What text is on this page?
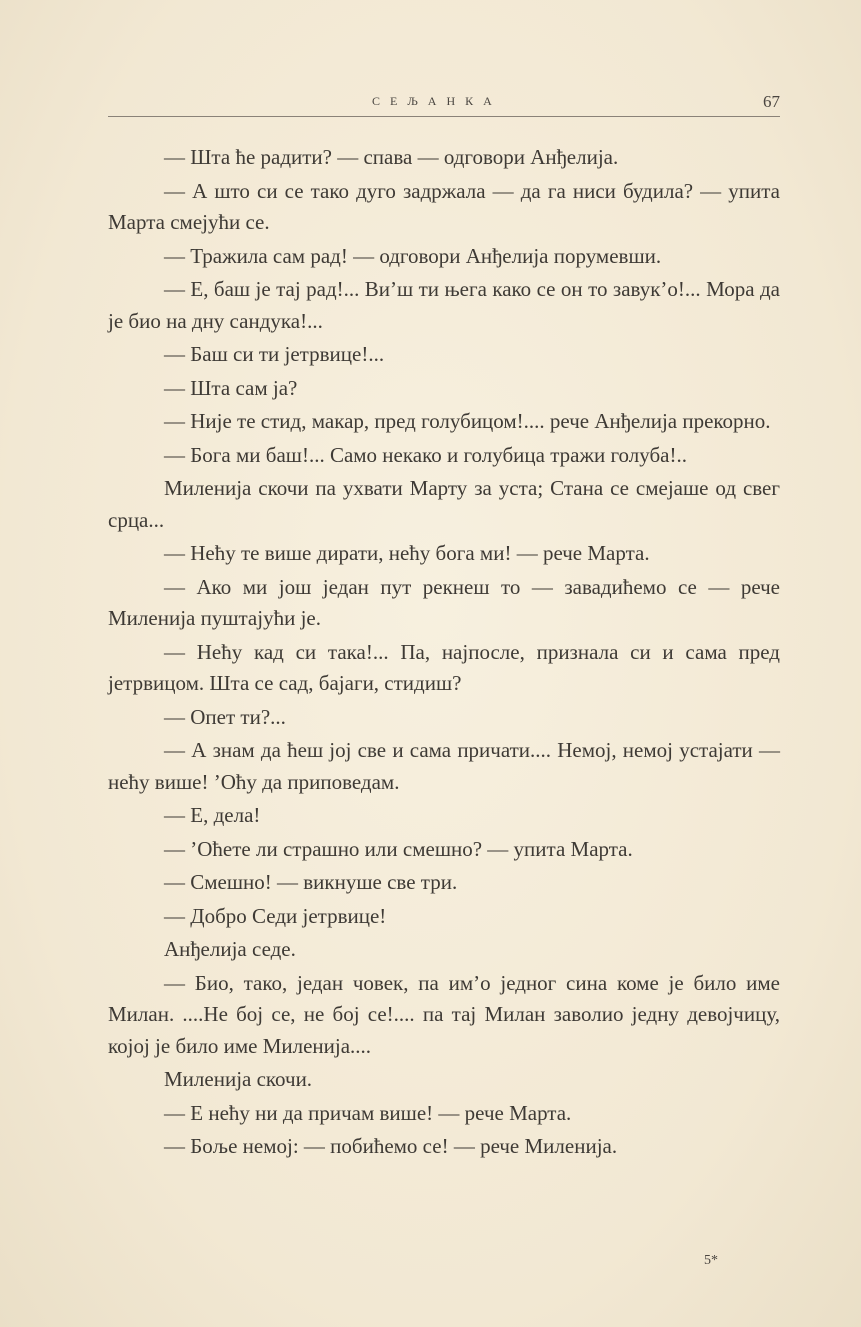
СЕЉАНКА	67

— Шта ће радити? — спава — одговори Анђелија.

— А што си се тако дуго задржала — да га ниси будила? — упита Марта смејући се.

— Тражила сам рад! — одговори Анђелија порумевши.

— Е, баш је тај рад!... Ви’ш ти њега како се он то завук’о!... Мора да је био на дну сандука!...

— Баш си ти јетрвице!...

— Шта сам ја?

— Није те стид, макар, пред голубицом!.... рече Анђелија прекорно.

— Бога ми баш!... Само некако и голубица тражи голуба!..

Миленија скочи па ухвати Марту за уста; Стана се смејаше од свег срца...

— Нећу те више дирати, нећу бога ми! — рече Марта.

— Ако ми још један пут рекнеш то — завадићемо се — рече Миленија пуштајући је.

— Нећу кад си така!... Па, најпосле, признала си и сама пред јетрвицом. Шта се сад, бајаги, стидиш?

— Опет ти?...

— А знам да ћеш јој све и сама причати.... Немој, немој устајати — нећу више! ’Оћу да приповедам.

— Е, дела!

— ’Оћете ли страшно или смешно? — упита Марта.

— Смешно! — викнуше све три.

— Добро Седи јетрвице!

Анђелија седе.

— Био, тако, један човек, па им’о једног сина коме је било име Милан. ....Не бој се, не бој се!.... па тај Милан заволио једну девојчицу, којој је било име Миленија....

Миленија скочи.

— Е нећу ни да причам више! — рече Марта.

— Боље немој: — побићемо се! — рече Миленија.

5*
